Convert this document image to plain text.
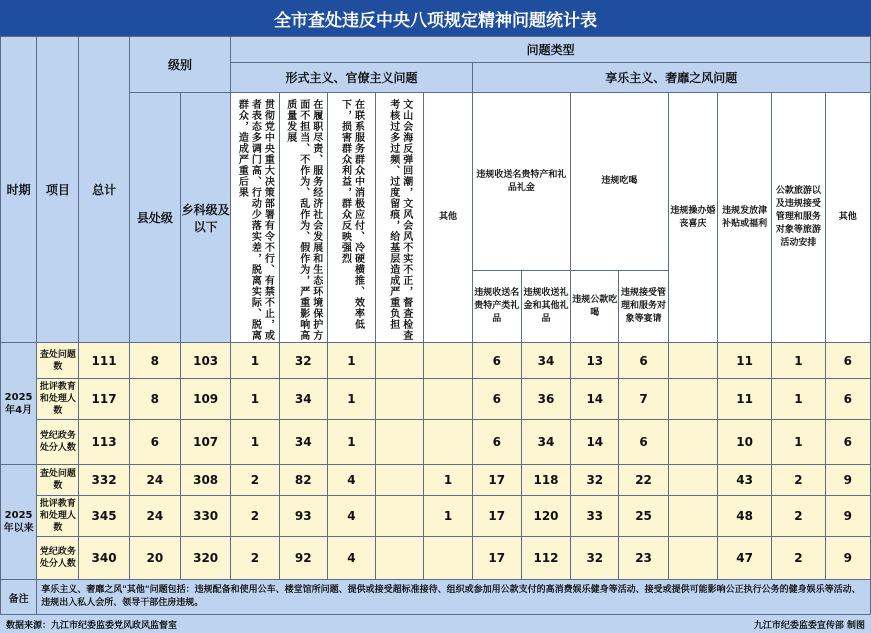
全市查处违反中央八项规定精神问题统计表
时期	项目	总计	级别		问题类型												
					形式主义、官僚主义问题					享乐主义、奢靡之风问题							
			县处级	乡科级及以下	贯彻党中央重大决策部署有令不行、有禁不止，或者表态多调门高、行动少落实差，脱离实际、脱离群众，造成严重后果	在履职尽责、服务经济社会发展和生态环境保护方面不担当、不作为、乱作为、假作为，严重影响高质量发展	在联系服务群众中消极应付、冷硬横推、效率低下，损害群众利益，群众反映强烈	文山会海反弹回潮，文风会风不实不正，督查检查考核过多过频、过度留痕，给基层造成严重负担	其他	违规收送名贵特产和礼品礼金		违规吃喝		违规操办婚丧喜庆	违规发放津补贴或福利	公款旅游以及违规接受管理和服务对象等旅游活动安排	其他
										违规收送名贵特产类礼品	违规收送礼金和其他礼品	违规公款吃喝	违规接受管理和服务对象等宴请				
2025年4月	查处问题数	111	8	103	1	32	1			6	34	13	6		11	1	6
	批评教育和处理人数	117	8	109	1	34	1			6	36	14	7		11	1	6
	党纪政务处分人数	113	6	107	1	34	1			6	34	14	6		10	1	6
2025年以来	查处问题数	332	24	308	2	82	4		1	17	118	32	22		43	2	9
	批评教育和处理人数	345	24	330	2	93	4		1	17	120	33	25		48	2	9
	党纪政务处分人数	340	20	320	2	92	4			17	112	32	23		47	2	9
备注	享乐主义、奢靡之风"其他"问题包括：违规配备和使用公车、楼堂馆所问题、提供或接受超标准接待、组织或参加用公款支付的高消费娱乐健身等活动、接受或提供可能影响公正执行公务的健身娱乐等活动、违规出入私人会所、领导干部住房违规。																
数据来源：九江市纪委监委党风政风监督室	九江市纪委监委宣传部 制图
